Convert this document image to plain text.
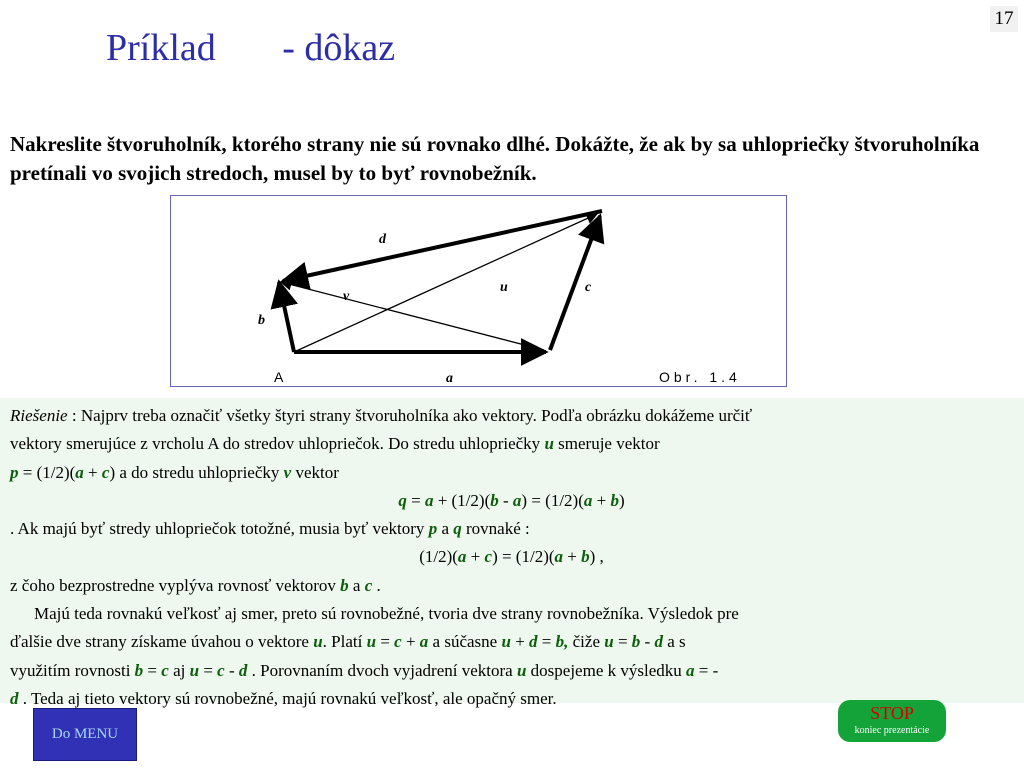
Príklad       - dôkaz
17

Nakreslite štvoruholník, ktorého strany nie sú rovnako dlhé. Dokážte, že ak by sa uhlopriečky štvoruholníka pretínali vo svojich stredoch, musel by to byť rovnobežník.

d
u	c
v
b
A	a	Obr. 1.4
Riešenie : Najprv treba označiť všetky štyri strany štvoruholníka ako vektory. Podľa obrázku dokážeme určiť
vektory smerujúce z vrcholu A do stredov uhlopriečok. Do stredu uhlopriečky u smeruje vektor
p = (1/2)(a + c) a do stredu uhlopriečky v vektor
q = a + (1/2)(b - a) = (1/2)(a + b)
. Ak majú byť stredy uhlopriečok totožné, musia byť vektory p a q rovnaké :
(1/2)(a + c) = (1/2)(a + b) ,
z čoho bezprostredne vyplýva rovnosť vektorov b a c .
Majú teda rovnakú veľkosť aj smer, preto sú rovnobežné, tvoria dve strany rovnobežníka. Výsledok pre
ďalšie dve strany získame úvahou o vektore u. Platí u = c + a a súčasne u + d = b, čiže u = b - d a s
využitím rovnosti b = c aj u = c - d . Porovnaním dvoch vyjadrení vektora u dospejeme k výsledku a = -
d . Teda aj tieto vektory sú rovnobežné, majú rovnakú veľkosť, ale opačný smer.
Do MENU
STOP
koniec prezentácie
